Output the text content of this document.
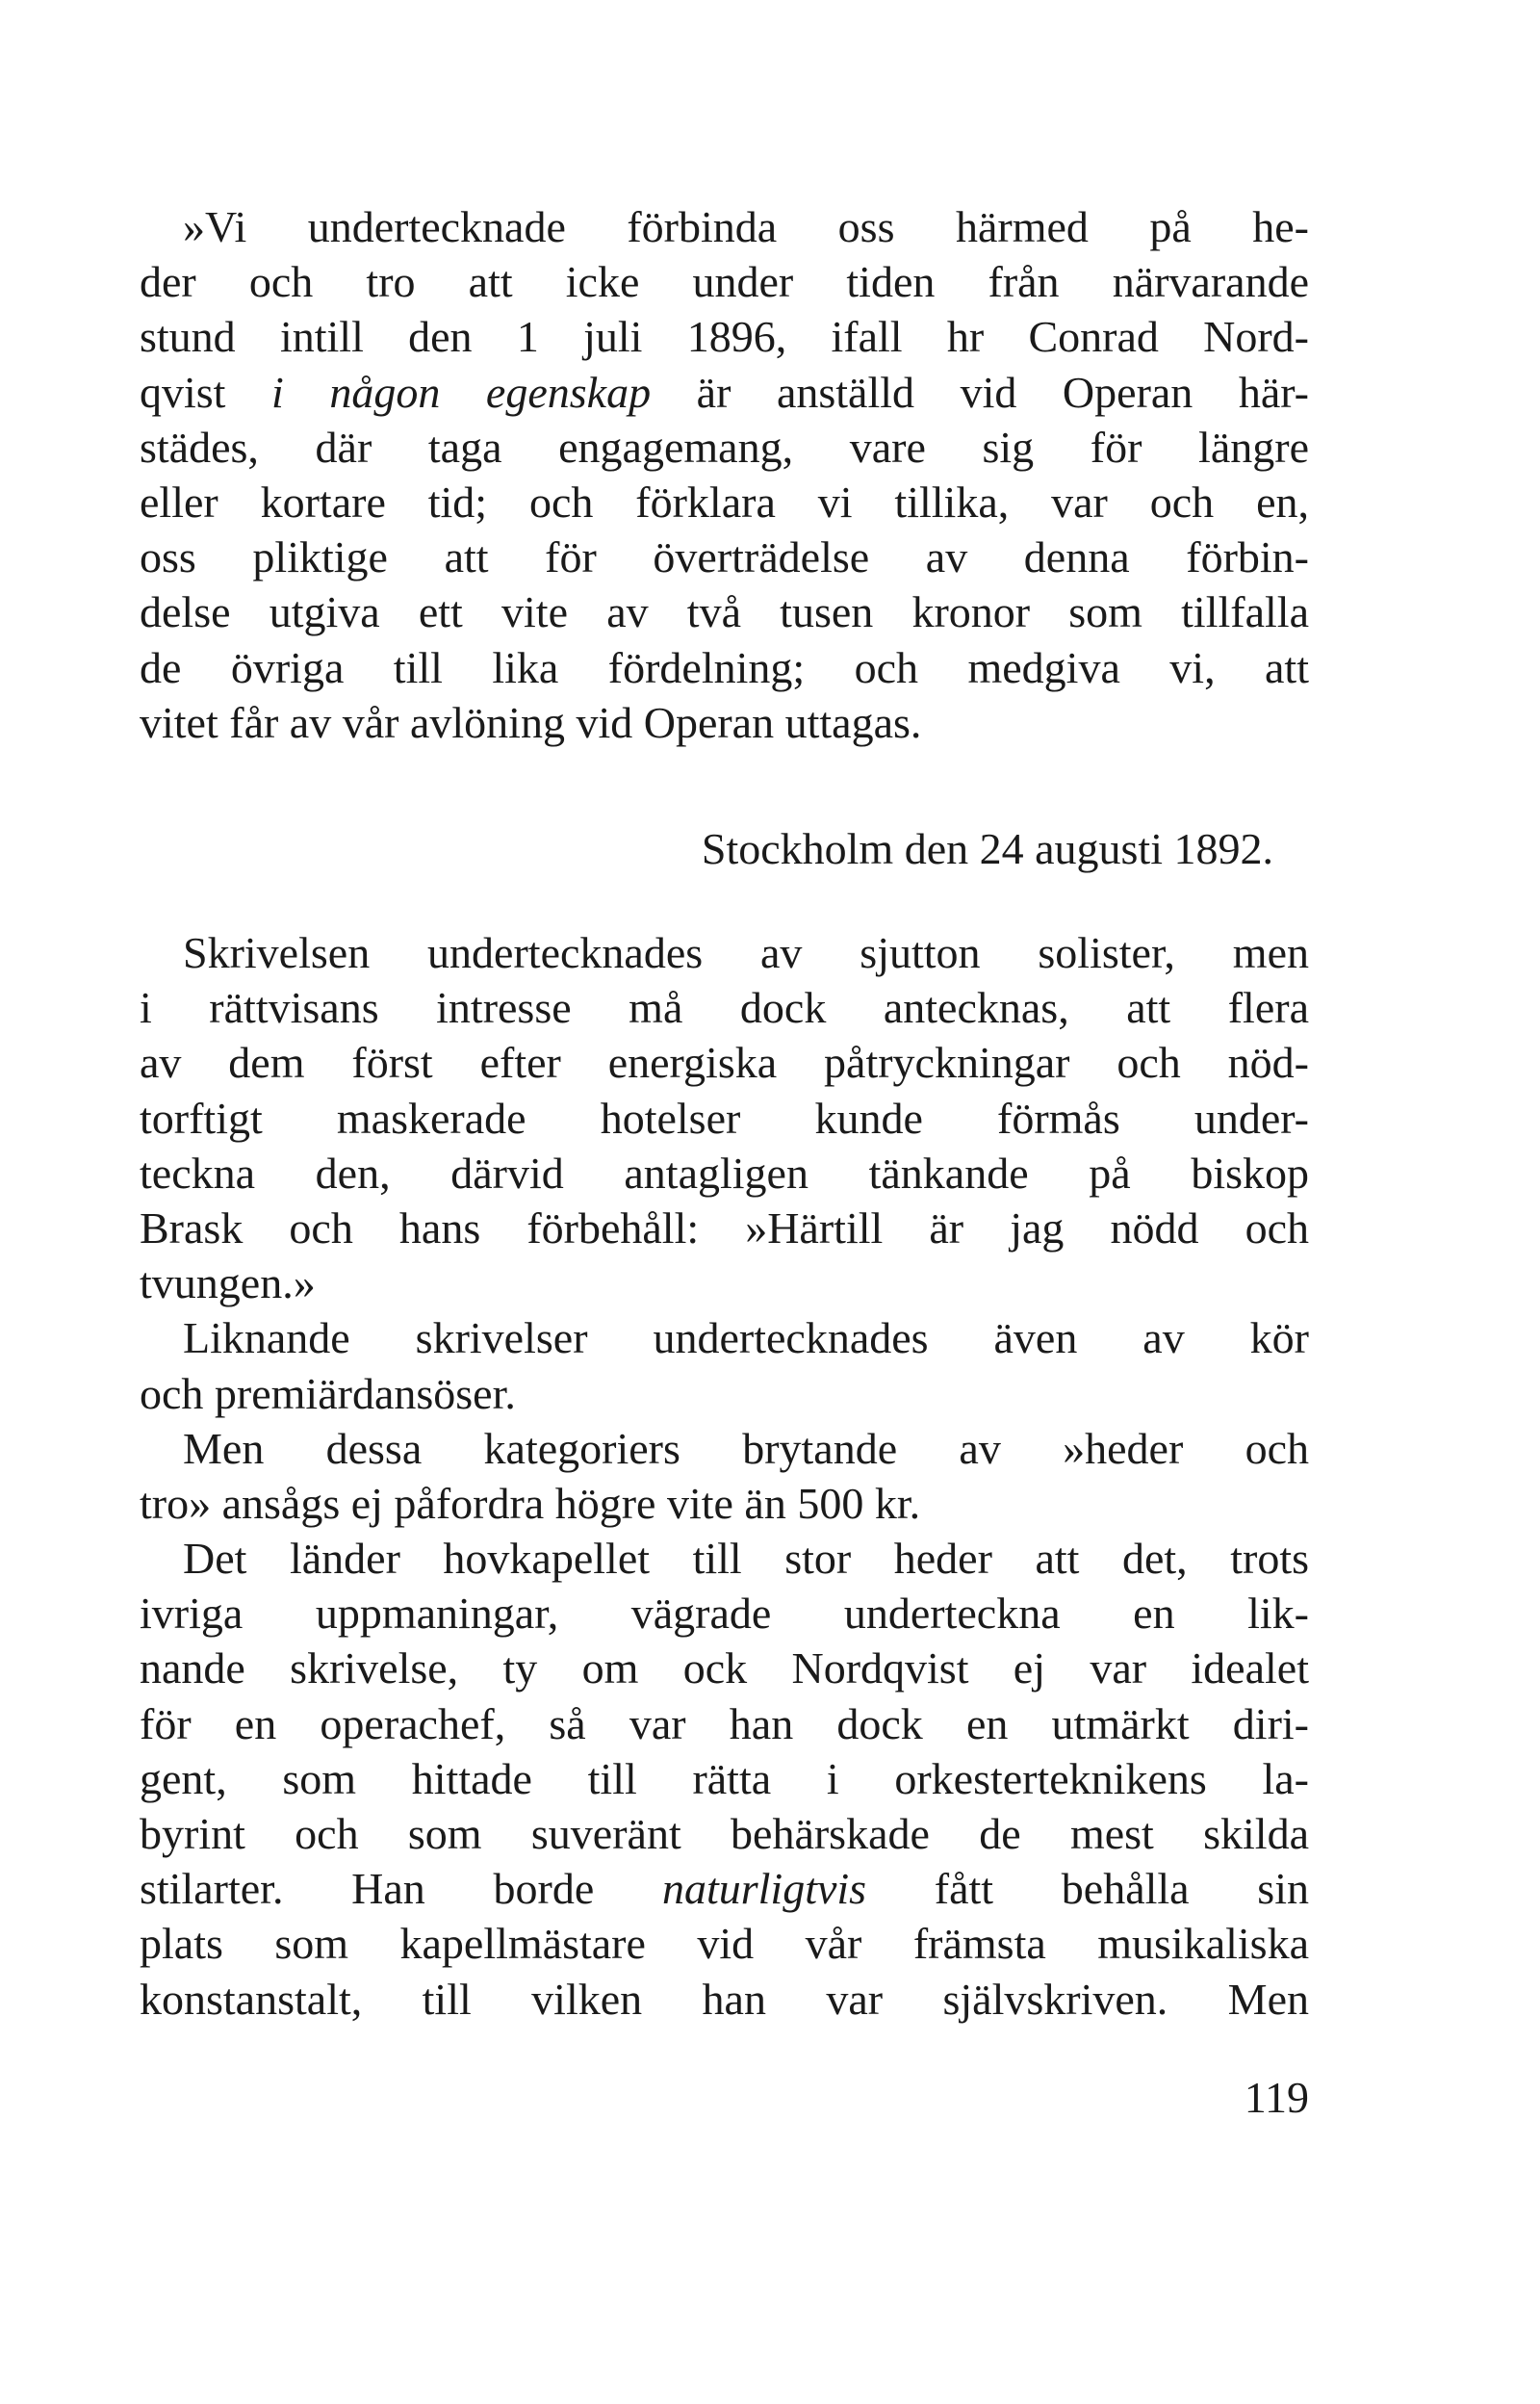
»Vi undertecknade förbinda oss härmed på he-
der och tro att icke under tiden från närvarande
stund intill den 1 juli 1896, ifall hr Conrad Nord-
qvist i någon egenskap är anställd vid Operan här-
städes, där taga engagemang, vare sig för längre
eller kortare tid; och förklara vi tillika, var och en,
oss pliktige att för överträdelse av denna förbin-
delse utgiva ett vite av två tusen kronor som tillfalla
de övriga till lika fördelning; och medgiva vi, att
vitet får av vår avlöning vid Operan uttagas.
Stockholm den 24 augusti 1892.
Skrivelsen undertecknades av sjutton solister, men
i rättvisans intresse må dock antecknas, att flera
av dem först efter energiska påtryckningar och nöd-
torftigt maskerade hotelser kunde förmås under-
teckna den, därvid antagligen tänkande på biskop
Brask och hans förbehåll: »Härtill är jag nödd och
tvungen.»
Liknande skrivelser undertecknades även av kör
och premiärdansöser.
Men dessa kategoriers brytande av »heder och
tro» ansågs ej påfordra högre vite än 500 kr.
Det länder hovkapellet till stor heder att det, trots
ivriga uppmaningar, vägrade underteckna en lik-
nande skrivelse, ty om ock Nordqvist ej var idealet
för en operachef, så var han dock en utmärkt diri-
gent, som hittade till rätta i orkesterteknikens la-
byrint och som suveränt behärskade de mest skilda
stilarter. Han borde naturligtvis fått behålla sin
plats som kapellmästare vid vår främsta musikaliska
konstanstalt, till vilken han var självskriven. Men
119
